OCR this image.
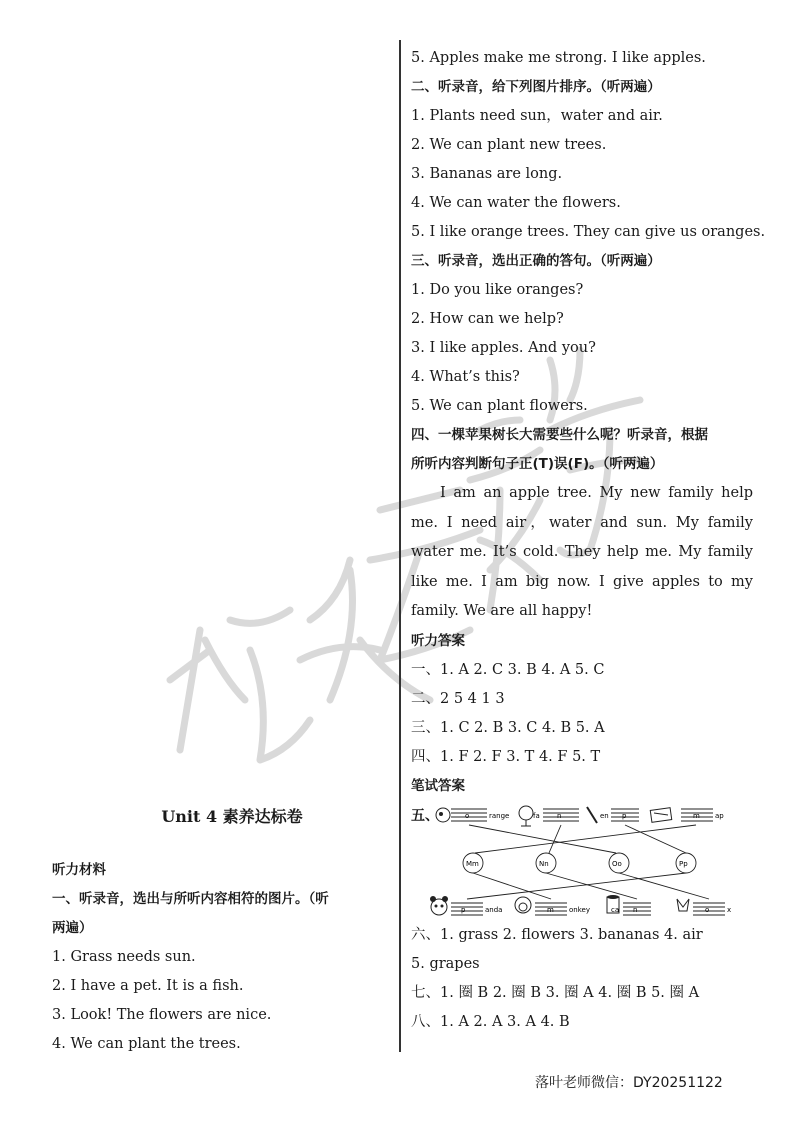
Unit 4 素养达标卷
听力材料
一、听录音，选出与所听内容相符的图片。（听
两遍）
1. Grass needs sun.
2. I have a pet. It is a fish.
3. Look! The flowers are nice.
4. We can plant the trees.
5. Apples make me strong. I like apples.
二、听录音，给下列图片排序。（听两遍）
1. Plants need sun，water and air.
2. We can plant new trees.
3. Bananas are long.
4. We can water the flowers.
5. I like orange trees. They can give us oranges.
三、听录音，选出正确的答句。（听两遍）
1. Do you like oranges?
2. How can we help?
3. I like apples. And you?
4. What’s this?
5. We can plant flowers.
四、一棵苹果树长大需要些什么呢？听录音，根据
所听内容判断句子正(T)误(F)。（听两遍）
I am an apple tree. My new family help me. I need air，water and sun. My family water me. It’s cold. They help me. My family like me. I am big now. I give apples to my family. We are all happy!
听力答案
一、1. A 2. C 3. B 4. A 5. C
二、2 5 4 1 3
三、1. C 2. B 3. C 4. B 5. A
四、1. F 2. F 3. T 4. F 5. T
笔试答案
五、	range	fa	en	ap
o	n	p	m
Mm	Nn	Oo	Pp
anda	onkey	ca	x
p	m	n	o
六、1. grass 2. flowers 3. bananas 4. air
5. grapes
七、1. 圈 B 2. 圈 B 3. 圈 A 4. 圈 B 5. 圈 A
八、1. A 2. A 3. A 4. B
落叶老师微信：DY20251122
